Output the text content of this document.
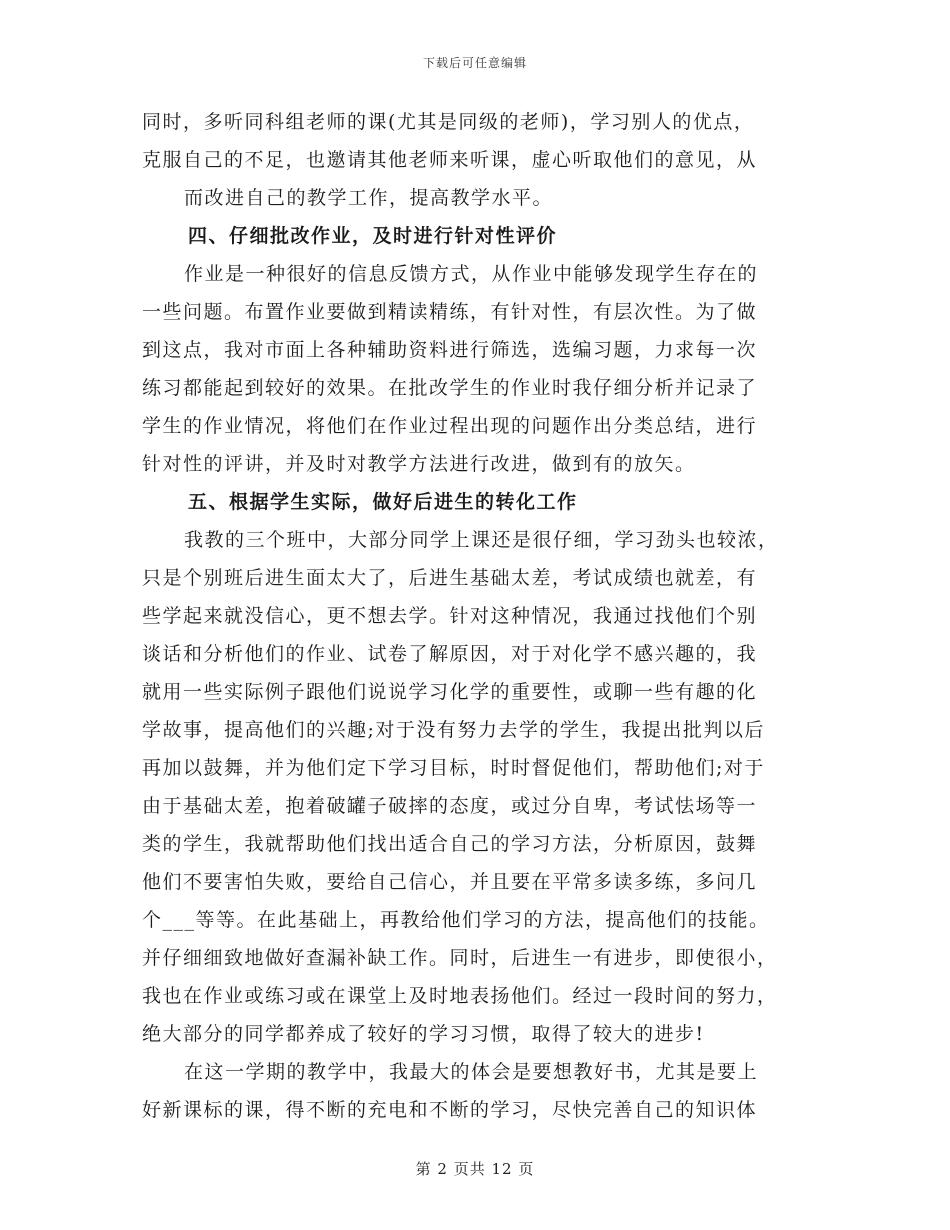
下载后可任意编辑
同时，多听同科组老师的课(尤其是同级的老师)，学习别人的优点，
克服自己的不足，也邀请其他老师来听课，虚心听取他们的意见，从
而改进自己的教学工作，提高教学水平。
四、仔细批改作业，及时进行针对性评价
作业是一种很好的信息反馈方式，从作业中能够发现学生存在的
一些问题。布置作业要做到精读精练，有针对性，有层次性。为了做
到这点，我对市面上各种辅助资料进行筛选，选编习题，力求每一次
练习都能起到较好的效果。在批改学生的作业时我仔细分析并记录了
学生的作业情况，将他们在作业过程出现的问题作出分类总结，进行
针对性的评讲，并及时对教学方法进行改进，做到有的放矢。
五、根据学生实际，做好后进生的转化工作
我教的三个班中，大部分同学上课还是很仔细，学习劲头也较浓，
只是个别班后进生面太大了，后进生基础太差，考试成绩也就差，有
些学起来就没信心，更不想去学。针对这种情况，我通过找他们个别
谈话和分析他们的作业、试卷了解原因，对于对化学不感兴趣的，我
就用一些实际例子跟他们说说学习化学的重要性，或聊一些有趣的化
学故事，提高他们的兴趣;对于没有努力去学的学生，我提出批判以后
再加以鼓舞，并为他们定下学习目标，时时督促他们，帮助他们;对于
由于基础太差，抱着破罐子破摔的态度，或过分自卑，考试怯场等一
类的学生，我就帮助他们找出适合自己的学习方法，分析原因，鼓舞
他们不要害怕失败，要给自己信心，并且要在平常多读多练，多问几
个___等等。在此基础上，再教给他们学习的方法，提高他们的技能。
并仔细细致地做好查漏补缺工作。同时，后进生一有进步，即使很小，
我也在作业或练习或在课堂上及时地表扬他们。经过一段时间的努力，
绝大部分的同学都养成了较好的学习习惯，取得了较大的进步!
在这一学期的教学中，我最大的体会是要想教好书，尤其是要上
好新课标的课，得不断的充电和不断的学习，尽快完善自己的知识体
第 2 页共 12 页
